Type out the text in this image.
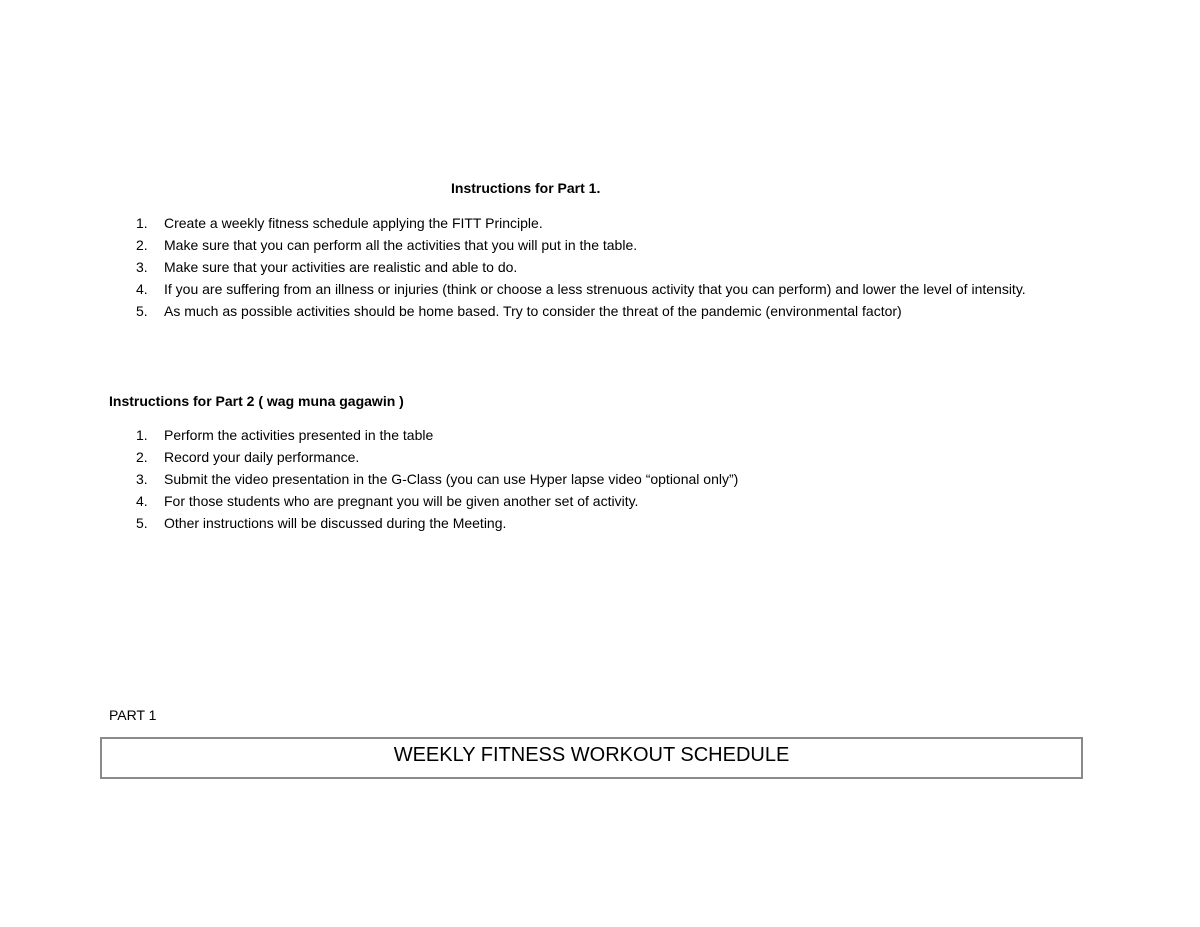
Instructions for Part 1.
1.	Create a weekly fitness schedule applying the FITT Principle.
2.	Make sure that you can perform all the activities that you will put in the table.
3.	Make sure that your activities are realistic and able to do.
4.	If you are suffering from an illness or injuries (think or choose a less strenuous activity that you can perform) and lower the level of intensity.
5.	As much as possible activities should be home based. Try to consider the threat of the pandemic (environmental factor)
Instructions for Part 2 ( wag muna gagawin )
1.	Perform the activities presented in the table
2.	Record your daily performance.
3.	Submit the video presentation in the G-Class (you can use Hyper lapse video “optional only”)
4.	For those students who are pregnant you will be given another set of activity.
5.	Other instructions will be discussed during the Meeting.
PART 1
WEEKLY FITNESS WORKOUT SCHEDULE
